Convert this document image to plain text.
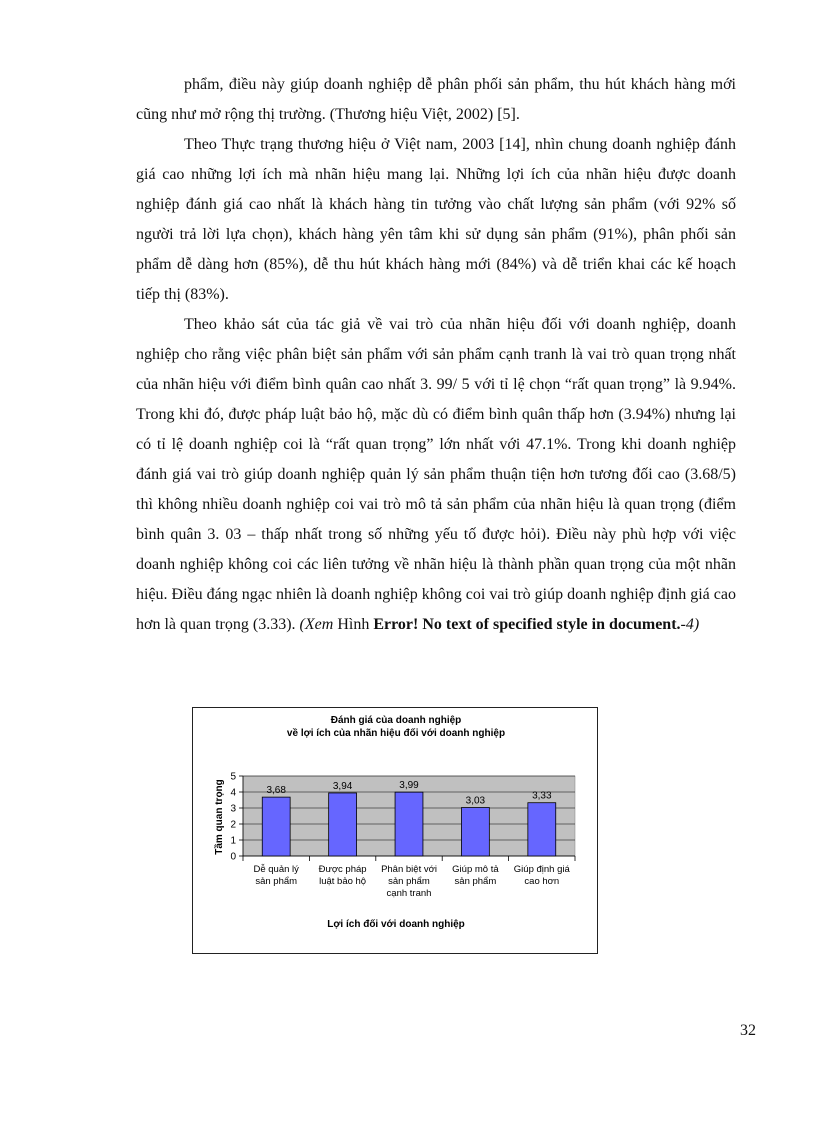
phẩm, điều này giúp doanh nghiệp dễ phân phối sản phẩm, thu hút khách hàng mới cũng như mở rộng thị trường. (Thương hiệu Việt, 2002) [5].

Theo Thực trạng thương hiệu ở Việt nam, 2003 [14], nhìn chung doanh nghiệp đánh giá cao những lợi ích mà nhãn hiệu mang lại. Những lợi ích của nhãn hiệu được doanh nghiệp đánh giá cao nhất là khách hàng tin tưởng vào chất lượng sản phẩm (với 92% số người trả lời lựa chọn), khách hàng yên tâm khi sử dụng sản phẩm (91%), phân phối sản phẩm dễ dàng hơn (85%), dễ thu hút khách hàng mới (84%) và dễ triển khai các kế hoạch tiếp thị (83%).

Theo khảo sát của tác giả về vai trò của nhãn hiệu đối với doanh nghiệp, doanh nghiệp cho rằng việc phân biệt sản phẩm với sản phẩm cạnh tranh là vai trò quan trọng nhất của nhãn hiệu với điểm bình quân cao nhất 3. 99/ 5 với tỉ lệ chọn “rất quan trọng” là 9.94%. Trong khi đó, được pháp luật bảo hộ, mặc dù có điểm bình quân thấp hơn (3.94%) nhưng lại có tỉ lệ doanh nghiệp coi là “rất quan trọng” lớn nhất với 47.1%. Trong khi doanh nghiệp đánh giá vai trò giúp doanh nghiệp quản lý sản phẩm thuận tiện hơn tương đối cao (3.68/5) thì không nhiều doanh nghiệp coi vai trò mô tả sản phẩm của nhãn hiệu là quan trọng (điểm bình quân 3. 03 – thấp nhất trong số những yếu tố được hỏi). Điều này phù hợp với việc doanh nghiệp không coi các liên tưởng về nhãn hiệu là thành phần quan trọng của một nhãn hiệu. Điều đáng ngạc nhiên là doanh nghiệp không coi vai trò giúp doanh nghiệp định giá cao hơn là quan trọng (3.33). (Xem Hình Error! No text of specified style in document.-4)

Đánh giá của doanh nghiệp
về lợi ích của nhãn hiệu đối với doanh nghiệp
0
1
2
3
4
5
3,68
Dễ quản lý
sản phẩm
3,94
Được pháp
luật bảo hộ
3,99
Phân biệt với
sản phẩm
cạnh tranh
3,03
Giúp mô tả
sản phẩm
3,33
Giúp định giá
cao hơn
Tầm quan trọng
Lợi ích đối với doanh nghiệp
32
